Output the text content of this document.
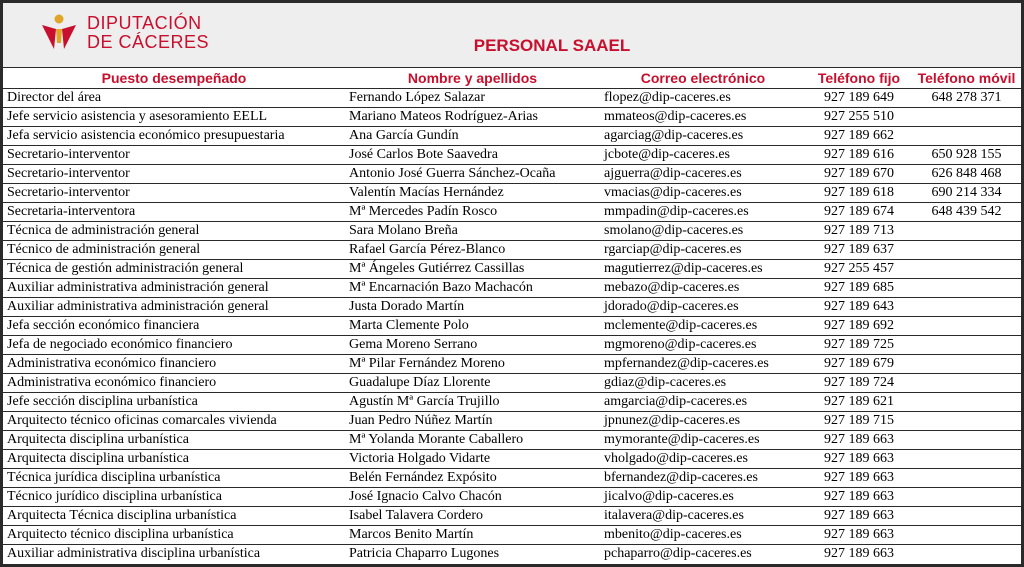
DIPUTACIÓN
DE CÁCERES	PERSONAL SAAEL
Puesto desempeñado	Nombre y apellidos	Correo electrónico	Teléfono fijo	Teléfono móvil
Director del área	Fernando López Salazar	flopez@dip-caceres.es	927 189 649	648 278 371
Jefe servicio asistencia y asesoramiento EELL	Mariano Mateos Rodríguez-Arias	mmateos@dip-caceres.es	927 255 510	
Jefa servicio asistencia económico presupuestaria	Ana García Gundín	agarciag@dip-caceres.es	927 189 662	
Secretario-interventor	José Carlos Bote Saavedra	jcbote@dip-caceres.es	927 189 616	650 928 155
Secretario-interventor	Antonio José Guerra Sánchez-Ocaña	ajguerra@dip-caceres.es	927 189 670	626 848 468
Secretario-interventor	Valentín Macías Hernández	vmacias@dip-caceres.es	927 189 618	690 214 334
Secretaria-interventora	Mª Mercedes Padín Rosco	mmpadin@dip-caceres.es	927 189 674	648 439 542
Técnica de administración general	Sara Molano Breña	smolano@dip-caceres.es	927 189 713	
Técnico de administración general	Rafael García Pérez-Blanco	rgarciap@dip-caceres.es	927 189 637	
Técnica de gestión administración general	Mª Ángeles Gutiérrez Cassillas	magutierrez@dip-caceres.es	927 255 457	
Auxiliar administrativa administración general	Mª Encarnación Bazo Machacón	mebazo@dip-caceres.es	927 189 685	
Auxiliar administrativa administración general	Justa Dorado Martín	jdorado@dip-caceres.es	927 189 643	
Jefa sección económico financiera	Marta Clemente Polo	mclemente@dip-caceres.es	927 189 692	
Jefa de negociado económico financiero	Gema Moreno Serrano	mgmoreno@dip-caceres.es	927 189 725	
Administrativa económico financiero	Mª Pilar Fernández Moreno	mpfernandez@dip-caceres.es	927 189 679	
Administrativa económico financiero	Guadalupe Díaz Llorente	gdiaz@dip-caceres.es	927 189 724	
Jefe sección disciplina urbanística	Agustín Mª García Trujillo	amgarcia@dip-caceres.es	927 189 621	
Arquitecto técnico oficinas comarcales vivienda	Juan Pedro Núñez Martín	jpnunez@dip-caceres.es	927 189 715	
Arquitecta disciplina urbanística	Mª Yolanda Morante Caballero	mymorante@dip-caceres.es	927 189 663	
Arquitecta disciplina urbanística	Victoria Holgado Vidarte	vholgado@dip-caceres.es	927 189 663	
Técnica jurídica disciplina urbanística	Belén Fernández Expósito	bfernandez@dip-caceres.es	927 189 663	
Técnico jurídico disciplina urbanística	José Ignacio Calvo Chacón	jicalvo@dip-caceres.es	927 189 663	
Arquitecta Técnica disciplina urbanística	Isabel Talavera Cordero	italavera@dip-caceres.es	927 189 663	
Arquitecto técnico disciplina urbanística	Marcos Benito Martín	mbenito@dip-caceres.es	927 189 663	
Auxiliar administrativa disciplina urbanística	Patricia Chaparro Lugones	pchaparro@dip-caceres.es	927 189 663	
